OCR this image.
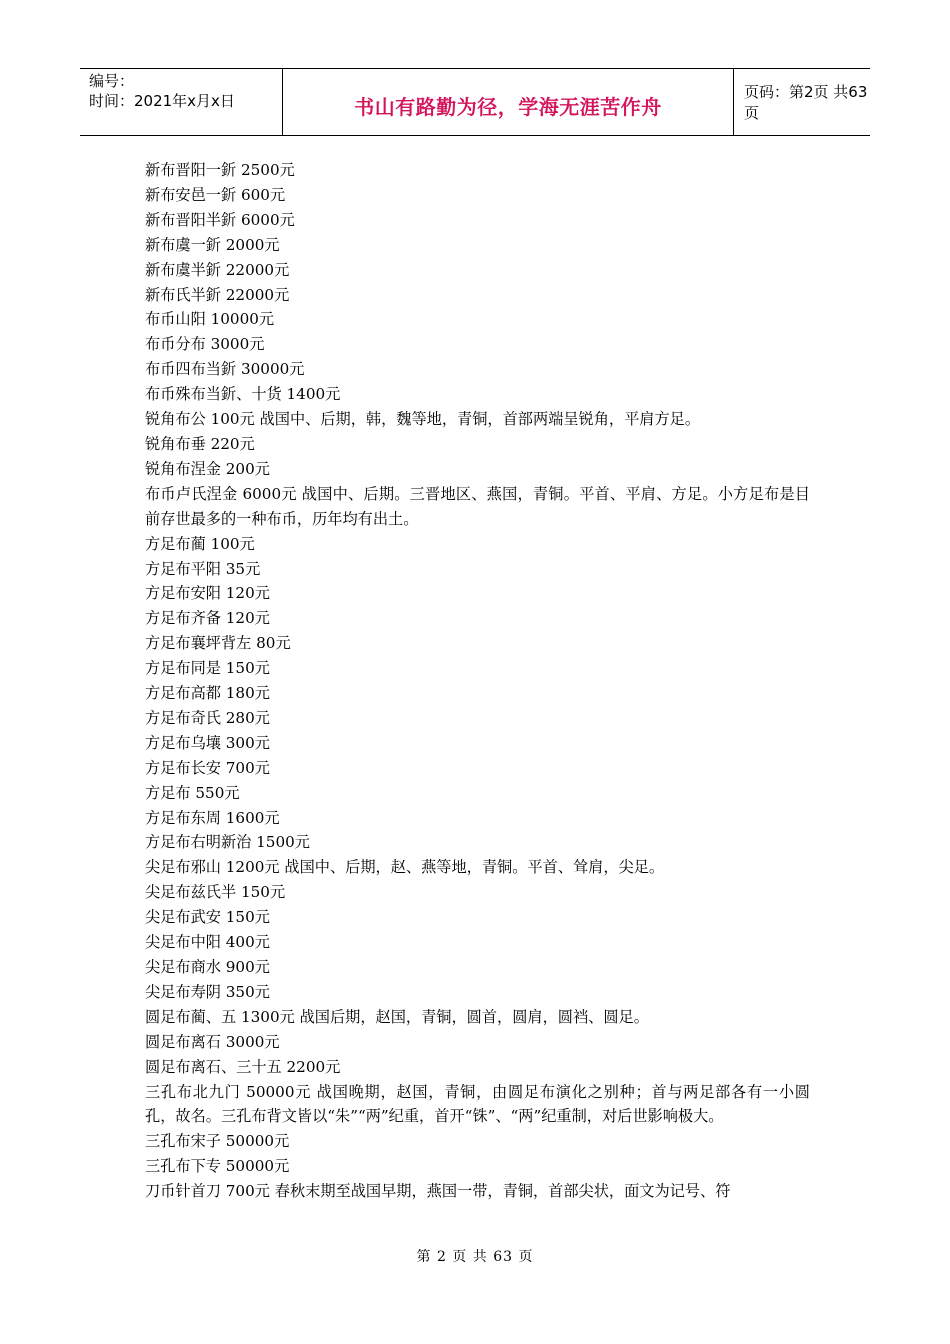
编号：
时间：2021年x月x日	书山有路勤为径，学海无涯苦作舟
页码：第2页 共63页
新布晋阳一釿 2500元
新布安邑一釿 600元
新布晋阳半釿 6000元
新布虞一釿 2000元
新布虞半釿 22000元
新布氏半釿 22000元
布币山阳 10000元
布币分布 3000元
布币四布当釿 30000元
布币殊布当釿、十货 1400元
锐角布公 100元 战国中、后期，韩，魏等地，青铜，首部两端呈锐角，平肩方足。
锐角布垂 220元
锐角布涅金 200元
布币卢氏涅金 6000元 战国中、后期。三晋地区、燕国，青铜。平首、平肩、方足。小方足布是目前存世最多的一种布币，历年均有出土。
方足布蔺 100元
方足布平阳 35元
方足布安阳 120元
方足布齐备 120元
方足布襄坪背左 80元
方足布同是 150元
方足布高都 180元
方足布奇氏 280元
方足布乌壤 300元
方足布长安 700元
方足布 550元
方足布东周 1600元
方足布右明新治 1500元
尖足布邪山 1200元 战国中、后期，赵、燕等地，青铜。平首、耸肩，尖足。
尖足布兹氏半 150元
尖足布武安 150元
尖足布中阳 400元
尖足布商水 900元
尖足布寿阴 350元
圆足布蔺、五 1300元 战国后期，赵国，青铜，圆首，圆肩，圆裆、圆足。
圆足布离石 3000元
圆足布离石、三十五 2200元
三孔布北九门 50000元 战国晚期，赵国，青铜，由圆足布演化之别种；首与两足部各有一小圆孔，故名。三孔布背文皆以“朱”“两”纪重，首开“铢”、“两”纪重制，对后世影响极大。
三孔布宋子 50000元
三孔布下专 50000元
刀币针首刀 700元 春秋末期至战国早期，燕国一带，青铜，首部尖状，面文为记号、符
第 2 页 共 63 页
